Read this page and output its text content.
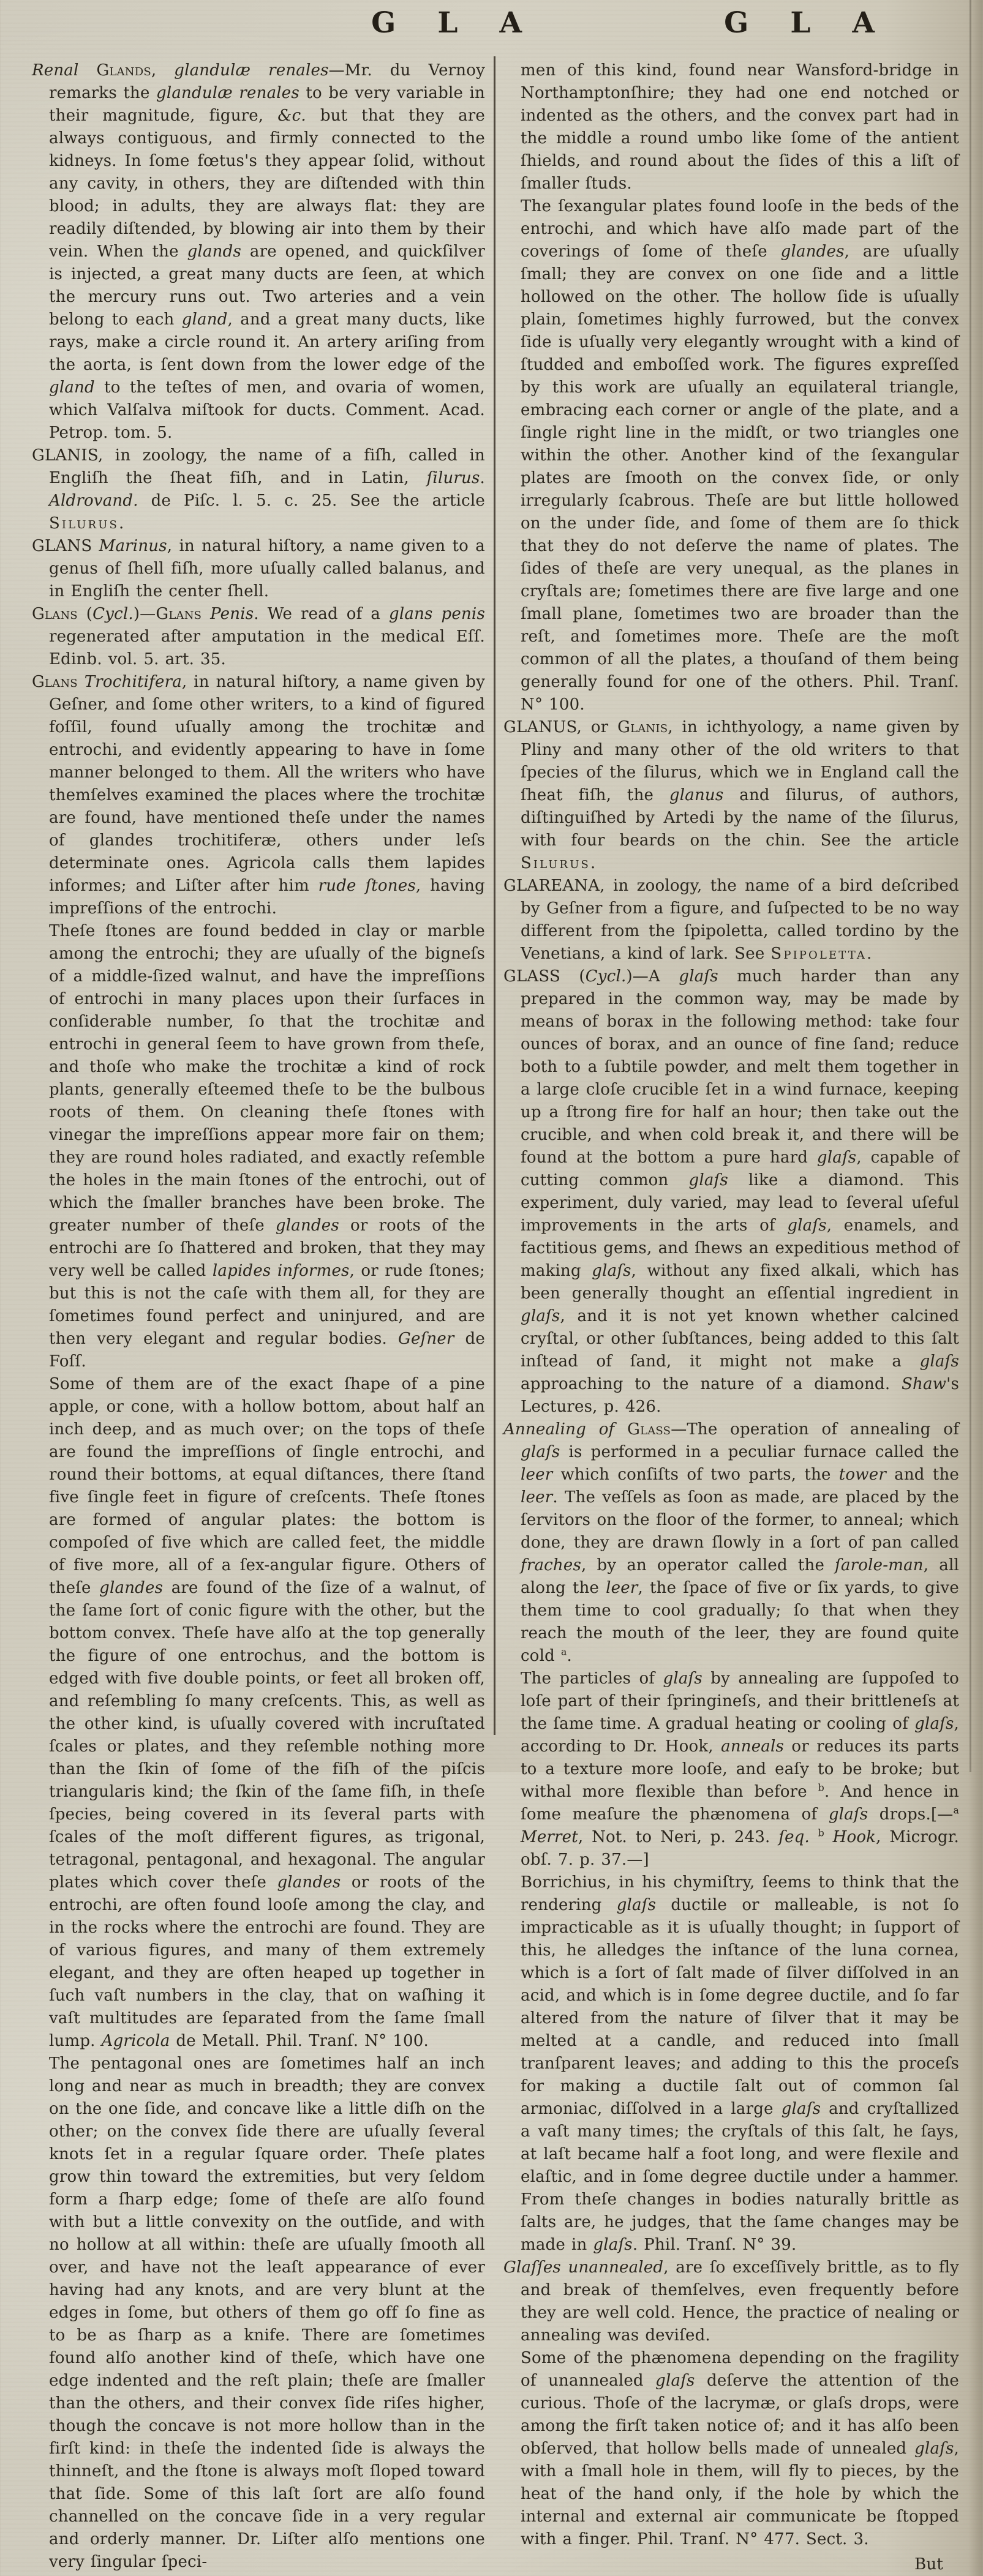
G L A	G L A
Renal Glands, glandulæ renales—Mr. du Vernoy remarks the glandulæ renales to be very variable in their magnitude, figure, &c. but that they are always contiguous, and firmly connected to the kidneys. In ſome fœtus's they appear ſolid, without any cavity, in others, they are diſtended with thin blood; in adults, they are always flat: they are readily diſtended, by blowing air into them by their vein. When the glands are opened, and quickſilver is injected, a great many ducts are ſeen, at which the mercury runs out. Two arteries and a vein belong to each gland, and a great many ducts, like rays, make a circle round it. An artery ariſing from the aorta, is ſent down from the lower edge of the gland to the teſtes of men, and ovaria of women, which Valſalva miſtook for ducts. Comment. Acad. Petrop. tom. 5.
GLANIS, in zoology, the name of a fiſh, called in Engliſh the ſheat fiſh, and in Latin, ſilurus. Aldrovand. de Piſc. l. 5. c. 25. See the article Silurus.
GLANS Marinus, in natural hiſtory, a name given to a genus of ſhell fiſh, more uſually called balanus, and in Engliſh the center ſhell.
Glans (Cycl.)—Glans Penis. We read of a glans penis regenerated after amputation in the medical Eſſ. Edinb. vol. 5. art. 35.
Glans Trochitifera, in natural hiſtory, a name given by Geſner, and ſome other writers, to a kind of figured foſſil, found uſually among the trochitæ and entrochi, and evidently appearing to have in ſome manner belonged to them. All the writers who have themſelves examined the places where the trochitæ are found, have mentioned theſe under the names of glandes trochitiferæ, others under leſs determinate ones. Agricola calls them lapides informes; and Liſter after him rude ſtones, having impreſſions of the entrochi.
Theſe ſtones are found bedded in clay or marble among the entrochi; they are uſually of the bigneſs of a middle-ſized walnut, and have the impreſſions of entrochi in many places upon their ſurfaces in conſiderable number, ſo that the trochitæ and entrochi in general ſeem to have grown from theſe, and thoſe who make the trochitæ a kind of rock plants, generally eſteemed theſe to be the bulbous roots of them. On cleaning theſe ſtones with vinegar the impreſſions appear more fair on them; they are round holes radiated, and exactly reſemble the holes in the main ſtones of the entrochi, out of which the ſmaller branches have been broke. The greater number of theſe glandes or roots of the entrochi are ſo ſhattered and broken, that they may very well be called lapides informes, or rude ſtones; but this is not the caſe with them all, for they are ſometimes found perfect and uninjured, and are then very elegant and regular bodies. Geſner de Foſſ.
Some of them are of the exact ſhape of a pine apple, or cone, with a hollow bottom, about half an inch deep, and as much over; on the tops of theſe are found the impreſſions of ſingle entrochi, and round their bottoms, at equal diſtances, there ſtand five ſingle feet in figure of creſcents. Theſe ſtones are formed of angular plates: the bottom is compoſed of five which are called feet, the middle of five more, all of a ſex-angular figure. Others of theſe glandes are found of the ſize of a walnut, of the ſame ſort of conic figure with the other, but the bottom convex. Theſe have alſo at the top generally the figure of one entrochus, and the bottom is edged with five double points, or feet all broken off, and reſembling ſo many creſcents. This, as well as the other kind, is uſually covered with incruſtated ſcales or plates, and they reſemble nothing more than the ſkin of ſome of the fiſh of the piſcis triangularis kind; the ſkin of the ſame fiſh, in theſe ſpecies, being covered in its ſeveral parts with ſcales of the moſt different figures, as trigonal, tetragonal, pentagonal, and hexagonal. The angular plates which cover theſe glandes or roots of the entrochi, are often found looſe among the clay, and in the rocks where the entrochi are found. They are of various figures, and many of them extremely elegant, and they are often heaped up together in ſuch vaſt numbers in the clay, that on waſhing it vaſt multitudes are ſeparated from the ſame ſmall lump. Agricola de Metall. Phil. Tranſ. N° 100.
The pentagonal ones are ſometimes half an inch long and near as much in breadth; they are convex on the one ſide, and concave like a little diſh on the other; on the convex ſide there are uſually ſeveral knots ſet in a regular ſquare order. Theſe plates grow thin toward the extremities, but very ſeldom form a ſharp edge; ſome of theſe are alſo found with but a little convexity on the outſide, and with no hollow at all within: theſe are uſually ſmooth all over, and have not the leaſt appearance of ever having had any knots, and are very blunt at the edges in ſome, but others of them go off ſo fine as to be as ſharp as a knife. There are ſometimes found alſo another kind of theſe, which have one edge indented and the reſt plain; theſe are ſmaller than the others, and their convex ſide riſes higher, though the concave is not more hollow than in the firſt kind: in theſe the indented ſide is always the thinneſt, and the ſtone is always moſt ſloped toward that ſide. Some of this laſt ſort are alſo found channelled on the concave ſide in a very regular and orderly manner. Dr. Liſter alſo mentions one very ſingular ſpeci-
men of this kind, found near Wansford-bridge in Northamptonſhire; they had one end notched or indented as the others, and the convex part had in the middle a round umbo like ſome of the antient ſhields, and round about the ſides of this a liſt of ſmaller ſtuds.
The ſexangular plates found looſe in the beds of the entrochi, and which have alſo made part of the coverings of ſome of theſe glandes, are uſually ſmall; they are convex on one ſide and a little hollowed on the other. The hollow ſide is uſually plain, ſometimes highly furrowed, but the convex ſide is uſually very elegantly wrought with a kind of ſtudded and emboſſed work. The figures expreſſed by this work are uſually an equilateral triangle, embracing each corner or angle of the plate, and a ſingle right line in the midſt, or two triangles one within the other. Another kind of the ſexangular plates are ſmooth on the convex ſide, or only irregularly ſcabrous. Theſe are but little hollowed on the under ſide, and ſome of them are ſo thick that they do not deſerve the name of plates. The ſides of theſe are very unequal, as the planes in cryſtals are; ſometimes there are five large and one ſmall plane, ſometimes two are broader than the reſt, and ſometimes more. Theſe are the moſt common of all the plates, a thouſand of them being generally found for one of the others. Phil. Tranſ. N° 100.
GLANUS, or Glanis, in ichthyology, a name given by Pliny and many other of the old writers to that ſpecies of the ſilurus, which we in England call the ſheat fiſh, the glanus and ſilurus, of authors, diſtinguiſhed by Artedi by the name of the ſilurus, with four beards on the chin. See the article Silurus.
GLAREANA, in zoology, the name of a bird deſcribed by Geſner from a figure, and ſuſpected to be no way different from the ſpipoletta, called tordino by the Venetians, a kind of lark. See Spipoletta.
GLASS (Cycl.)—A glaſs much harder than any prepared in the common way, may be made by means of borax in the following method: take four ounces of borax, and an ounce of fine ſand; reduce both to a ſubtile powder, and melt them together in a large cloſe crucible ſet in a wind furnace, keeping up a ſtrong fire for half an hour; then take out the crucible, and when cold break it, and there will be found at the bottom a pure hard glaſs, capable of cutting common glaſs like a diamond. This experiment, duly varied, may lead to ſeveral uſeful improvements in the arts of glaſs, enamels, and factitious gems, and ſhews an expeditious method of making glaſs, without any fixed alkali, which has been generally thought an eſſential ingredient in glaſs, and it is not yet known whether calcined cryſtal, or other ſubſtances, being added to this ſalt inſtead of ſand, it might not make a glaſs approaching to the nature of a diamond. Shaw's Lectures, p. 426.
Annealing of Glass—The operation of annealing of glaſs is performed in a peculiar furnace called the leer which conſiſts of two parts, the tower and the leer. The veſſels as ſoon as made, are placed by the ſervitors on the floor of the former, to anneal; which done, they are drawn ſlowly in a ſort of pan called fraches, by an operator called the ſarole-man, all along the leer, the ſpace of five or ſix yards, to give them time to cool gradually; ſo that when they reach the mouth of the leer, they are found quite cold $^a$.
The particles of glaſs by annealing are ſuppoſed to loſe part of their ſpringineſs, and their brittleneſs at the ſame time. A gradual heating or cooling of glaſs, according to Dr. Hook, anneals or reduces its parts to a texture more looſe, and eaſy to be broke; but withal more flexible than before $^b$. And hence in ſome meaſure the phænomena of glaſs drops.[—$^a$ Merret, Not. to Neri, p. 243. ſeq. $^b$ Hook, Microgr. obſ. 7. p. 37.—]
Borrichius, in his chymiſtry, ſeems to think that the rendering glaſs ductile or malleable, is not ſo impracticable as it is uſually thought; in ſupport of this, he alledges the inſtance of the luna cornea, which is a ſort of ſalt made of ſilver diſſolved in an acid, and which is in ſome degree ductile, and ſo far altered from the nature of ſilver that it may be melted at a candle, and reduced into ſmall tranſparent leaves; and adding to this the proceſs for making a ductile ſalt out of common ſal armoniac, diſſolved in a large glaſs and cryſtallized a vaſt many times; the cryſtals of this ſalt, he ſays, at laſt became half a foot long, and were flexile and elaſtic, and in ſome degree ductile under a hammer. From theſe changes in bodies naturally brittle as ſalts are, he judges, that the ſame changes may be made in glaſs. Phil. Tranſ. N° 39.
Glaſſes unannealed, are ſo exceſſively brittle, as to fly and break of themſelves, even frequently before they are well cold. Hence, the practice of nealing or annealing was deviſed.
Some of the phænomena depending on the fragility of unannealed glaſs deſerve the attention of the curious. Thoſe of the lacrymæ, or glaſs drops, were among the firſt taken notice of; and it has alſo been obſerved, that hollow bells made of unnealed glaſs, with a ſmall hole in them, will fly to pieces, by the heat of the hand only, if the hole by which the internal and external air communicate be ſtopped with a finger. Phil. Tranſ. N° 477. Sect. 3.
But
